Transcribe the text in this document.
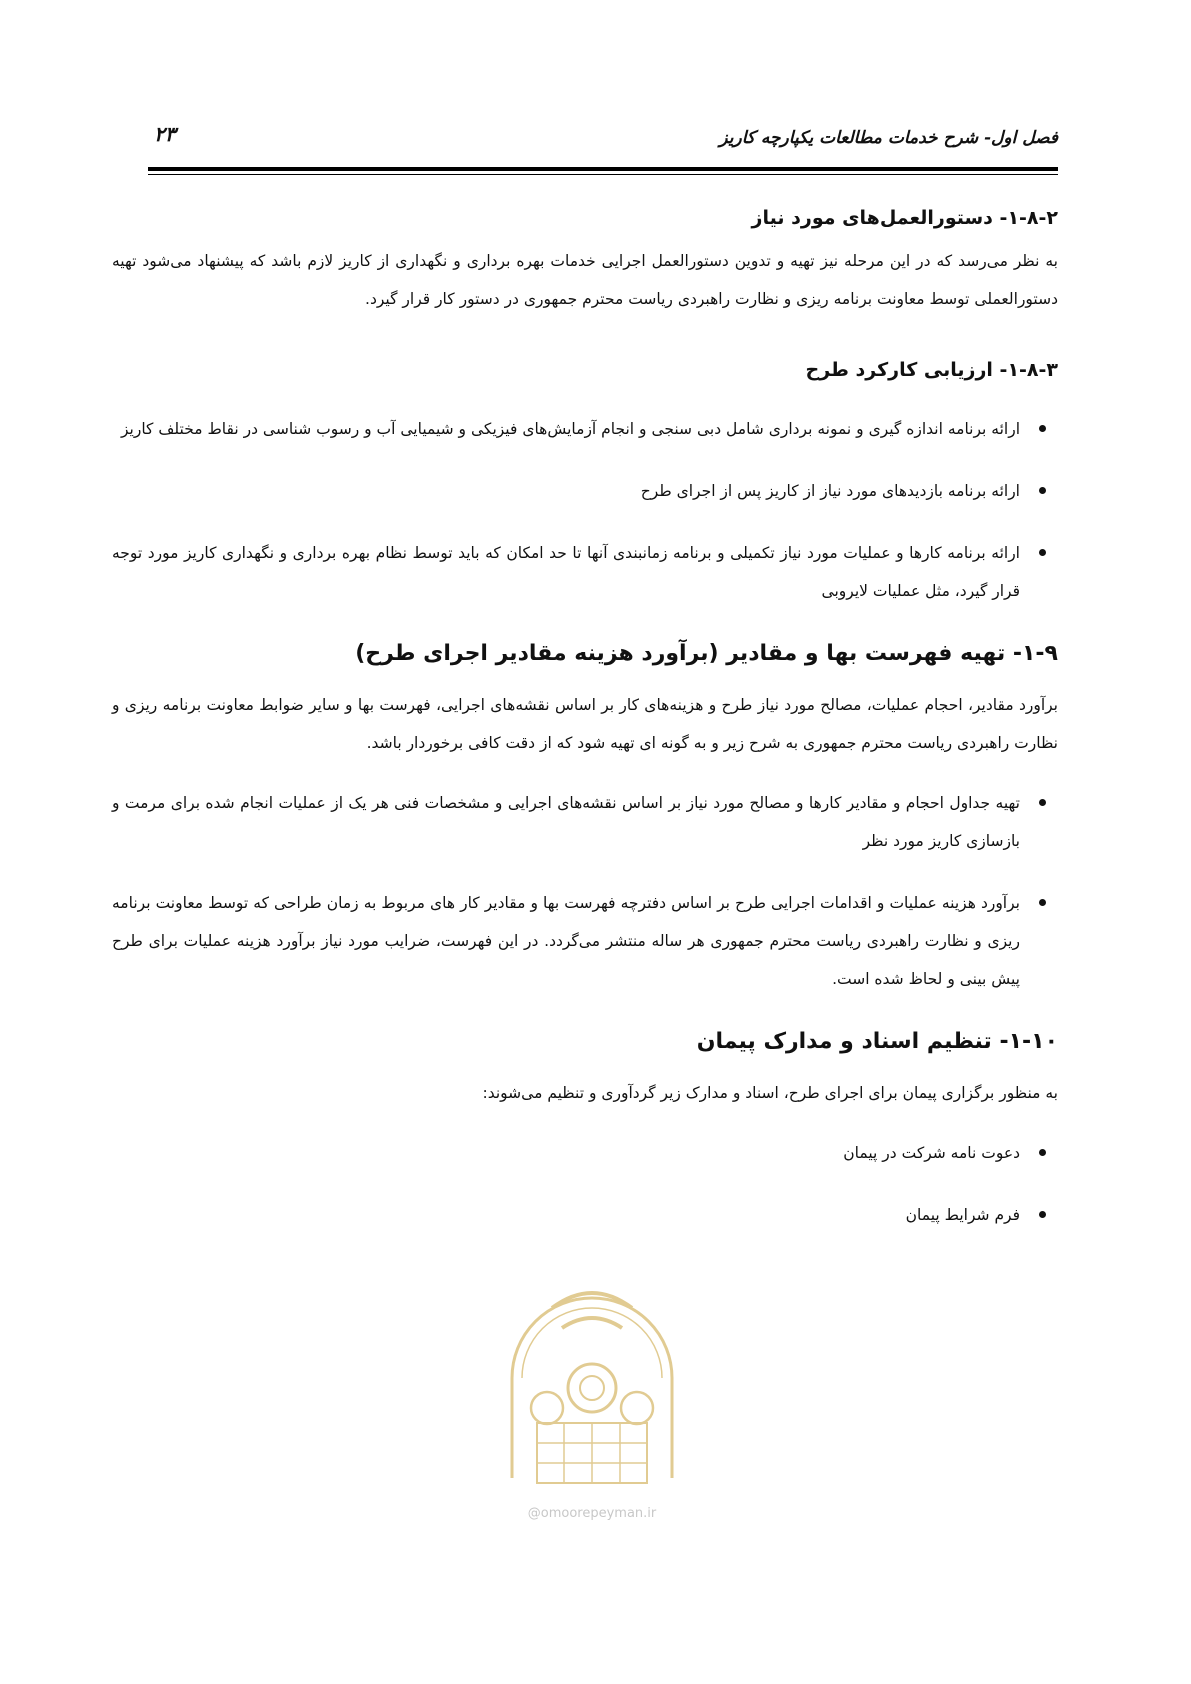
فصل اول- شرح خدمات مطالعات یکپارچه کاریز
۲۳
۱-۸-۲- دستورالعمل‌های مورد نیاز

به نظر می‌رسد که در این مرحله نیز تهیه و تدوین دستورالعمل اجرایی خدمات بهره برداری و نگهداری از کاریز لازم باشد که پیشنهاد می‌شود تهیه دستورالعملی توسط معاونت برنامه ریزی و نظارت راهبردی ریاست محترم جمهوری در دستور کار قرار گیرد.

۱-۸-۳- ارزیابی کارکرد طرح
ارائه برنامه اندازه گیری و نمونه برداری شامل دبی سنجی و انجام آزمایش‌های فیزیکی و شیمیایی آب و رسوب شناسی در نقاط مختلف کاریز
ارائه برنامه بازدیدهای مورد نیاز از کاریز پس از اجرای طرح
ارائه برنامه کارها و عملیات مورد نیاز تکمیلی و برنامه زمانبندی آنها تا حد امکان که باید توسط نظام بهره برداری و نگهداری کاریز مورد توجه قرار گیرد، مثل عملیات لایروبی
۱-۹- تهیه فهرست بها و مقادیر (برآورد هزینه مقادیر اجرای طرح)

برآورد مقادیر، احجام عملیات، مصالح مورد نیاز طرح و هزینه‌های کار بر اساس نقشه‌های اجرایی، فهرست بها و سایر ضوابط معاونت برنامه ریزی و نظارت راهبردی ریاست محترم جمهوری به شرح زیر و به گونه ای تهیه شود که از دقت کافی برخوردار باشد.

تهیه جداول احجام و مقادیر کارها و مصالح مورد نیاز بر اساس نقشه‌های اجرایی و مشخصات فنی هر یک از عملیات انجام شده برای مرمت و بازسازی کاریز مورد نظر
برآورد هزینه عملیات و اقدامات اجرایی طرح بر اساس دفترچه فهرست بها و مقادیر کار های مربوط به زمان طراحی که توسط معاونت برنامه ریزی و نظارت راهبردی ریاست محترم جمهوری هر ساله منتشر می‌گردد. در این فهرست، ضرایب مورد نیاز برآورد هزینه عملیات برای طرح پیش بینی و لحاظ شده است.
۱-۱۰- تنظیم اسناد و مدارک پیمان

به منظور برگزاری پیمان برای اجرای طرح، اسناد و مدارک زیر گردآوری و تنظیم می‌شوند:

دعوت نامه شرکت در پیمان
فرم شرایط پیمان
@omoorepeyman.ir
